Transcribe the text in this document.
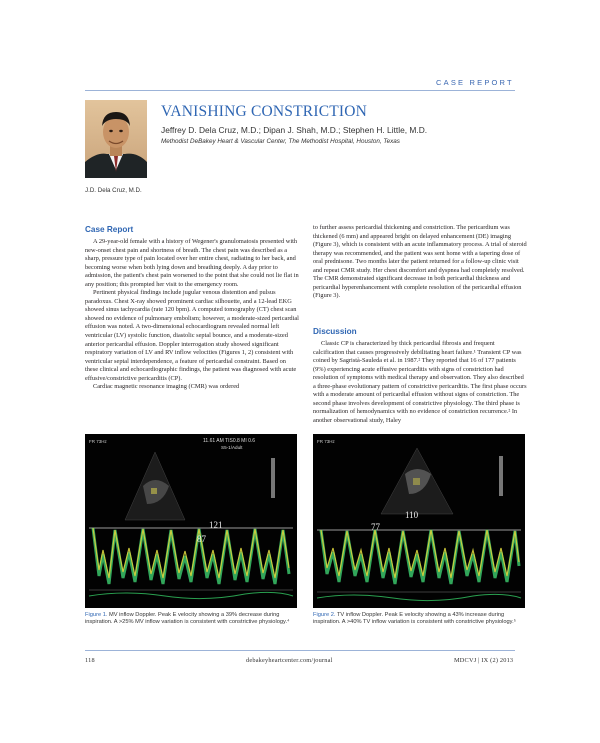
CASE REPORT
J.D. Dela Cruz, M.D.
VANISHING CONSTRICTION
Jeffrey D. Dela Cruz, M.D.; Dipan J. Shah, M.D.; Stephen H. Little, M.D.
Methodist DeBakey Heart & Vascular Center, The Methodist Hospital, Houston, Texas
Case Report

A 29-year-old female with a history of Wegener's granulomatosis presented with new-onset chest pain and shortness of breath. The chest pain was described as a sharp, pressure type of pain located over her entire chest, radiating to her back, and becoming worse when both lying down and breathing deeply. A day prior to admission, the patient's chest pain worsened to the point that she could not lie flat in any position; this prompted her visit to the emergency room.

Pertinent physical findings include jugular venous distention and pulsus paradoxus. Chest X-ray showed prominent cardiac silhouette, and a 12-lead EKG showed sinus tachycardia (rate 120 bpm). A computed tomography (CT) chest scan showed no evidence of pulmonary embolism; however, a moderate-sized pericardial effusion was noted. A two-dimensional echocardiogram revealed normal left ventricular (LV) systolic function, diastolic septal bounce, and a moderate-sized anterior pericardial effusion. Doppler interrogation study showed significant respiratory variation of LV and RV inflow velocities (Figures 1, 2) consistent with ventricular septal interdependence, a feature of pericardial constraint. Based on these clinical and echocardiographic findings, the patient was diagnosed with acute effusive/constrictive pericarditis (CP).

Cardiac magnetic resonance imaging (CMR) was ordered

to further assess pericardial thickening and constriction. The pericardium was thickened (6 mm) and appeared bright on delayed enhancement (DE) imaging (Figure 3), which is consistent with an acute inflammatory process. A trial of steroid therapy was recommended, and the patient was sent home with a tapering dose of oral prednisone. Two months later the patient returned for a follow-up clinic visit and repeat CMR study. Her chest discomfort and dyspnea had completely resolved. The CMR demonstrated significant decrease in both pericardial thickness and pericardial hyperenhancement with complete resolution of the pericardial effusion (Figure 3).

Discussion

Classic CP is characterized by thick pericardial fibrosis and frequent calcification that causes progressively debilitating heart failure.¹ Transient CP was coined by Sagristà-Sauleda et al. in 1987.² They reported that 16 of 177 patients (9%) experiencing acute effusive pericarditis with signs of constriction had resolution of symptoms with medical therapy and observation. They also described a three-phase evolutionary pattern of constrictive pericarditis. The first phase occurs with a moderate amount of pericardial effusion without signs of constriction. The second phase involves development of constrictive physiology. The third phase is normalization of hemodynamics with no evidence of constriction recurrence.² In another observational study, Haley

11.61 AM TIS0.8 MI 0.6
S5-1/Adult
FR 73Hz
121
87
Figure 1. MV inflow Doppler. Peak E velocity showing a 39% decrease during inspiration. A >25% MV inflow variation is consistent with constrictive physiology.⁴
FR 73Hz
110
77
Figure 2. TV inflow Doppler. Peak E velocity showing a 43% increase during inspiration. A >40% TV inflow variation is consistent with constrictive physiology.⁵
118	debakeyheartcenter.com/journal	MDCVJ | IX (2) 2013
